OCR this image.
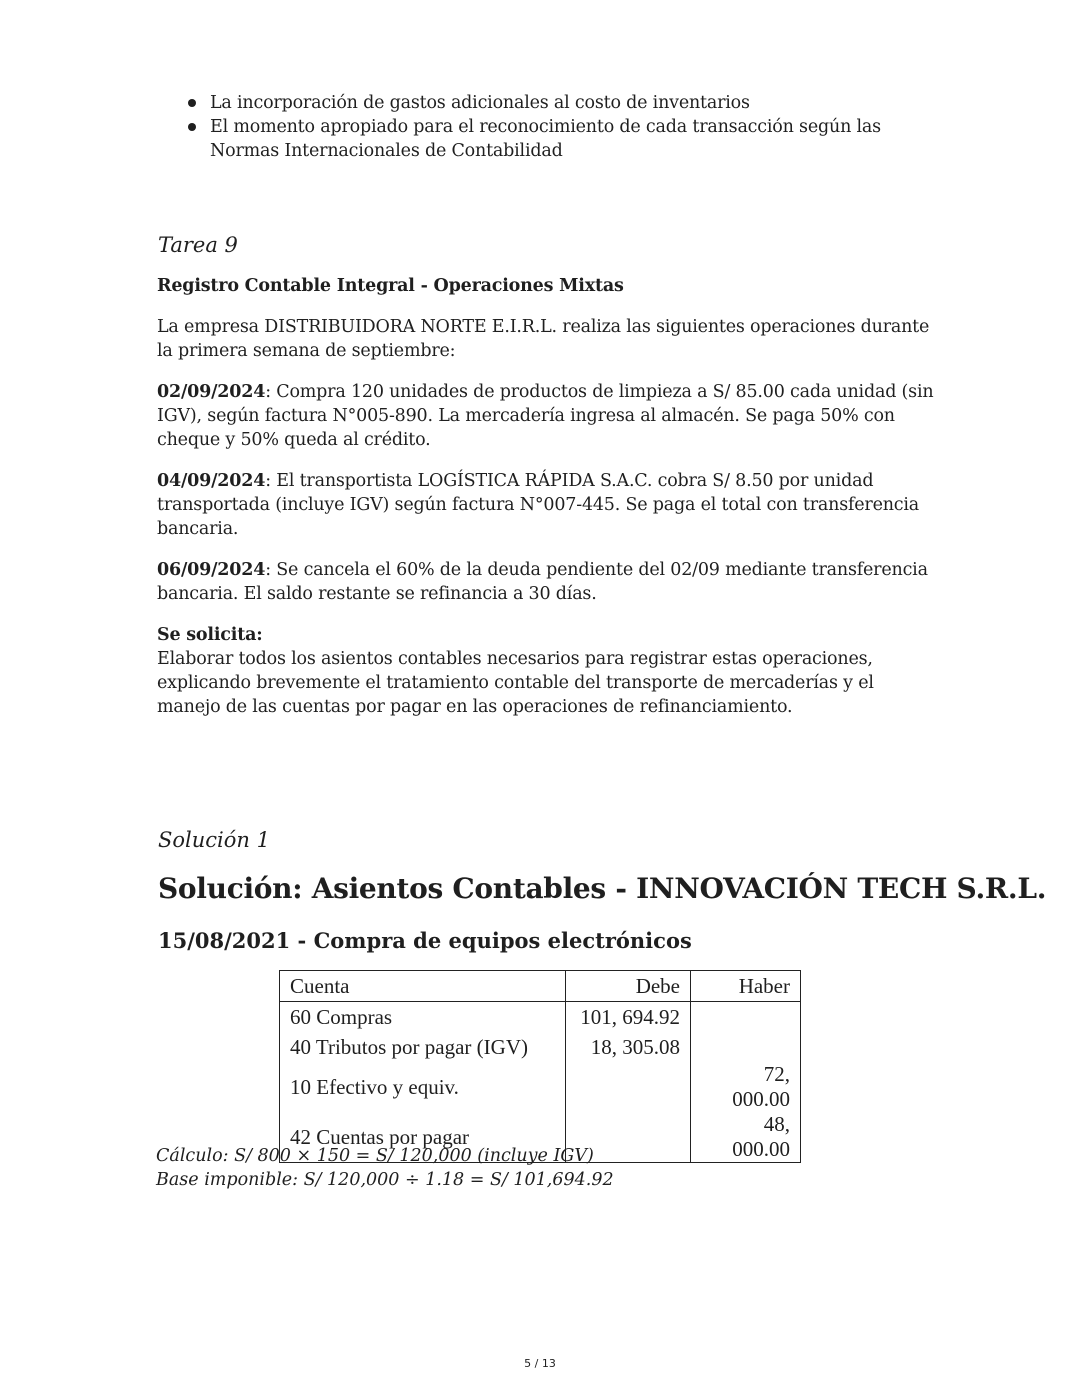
La incorporación de gastos adicionales al costo de inventarios
El momento apropiado para el reconocimiento de cada transacción según las Normas Internacionales de Contabilidad
Tarea 9
Registro Contable Integral - Operaciones Mixtas
La empresa DISTRIBUIDORA NORTE E.I.R.L. realiza las siguientes operaciones durante la primera semana de septiembre:
02/09/2024: Compra 120 unidades de productos de limpieza a S/ 85.00 cada unidad (sin IGV), según factura N°005-890. La mercadería ingresa al almacén. Se paga 50% con cheque y 50% queda al crédito.
04/09/2024: El transportista LOGÍSTICA RÁPIDA S.A.C. cobra S/ 8.50 por unidad transportada (incluye IGV) según factura N°007-445. Se paga el total con transferencia bancaria.
06/09/2024: Se cancela el 60% de la deuda pendiente del 02/09 mediante transferencia bancaria. El saldo restante se refinancia a 30 días.
Se solicita:
Elaborar todos los asientos contables necesarios para registrar estas operaciones, explicando brevemente el tratamiento contable del transporte de mercaderías y el manejo de las cuentas por pagar en las operaciones de refinanciamiento.
Solución 1
Solución: Asientos Contables - INNOVACIÓN TECH S.R.L.
15/08/2021 - Compra de equipos electrónicos
Cuenta	Debe	Haber
60 Compras	101, 694.92	
40 Tributos por pagar (IGV)	18, 305.08	
10 Efectivo y equiv.		72, 000.00
42 Cuentas por pagar		48, 000.00
Cálculo: S/ 800 × 150 = S/ 120,000 (incluye IGV)
Base imponible: S/ 120,000 ÷ 1.18 = S/ 101,694.92
5 / 13
